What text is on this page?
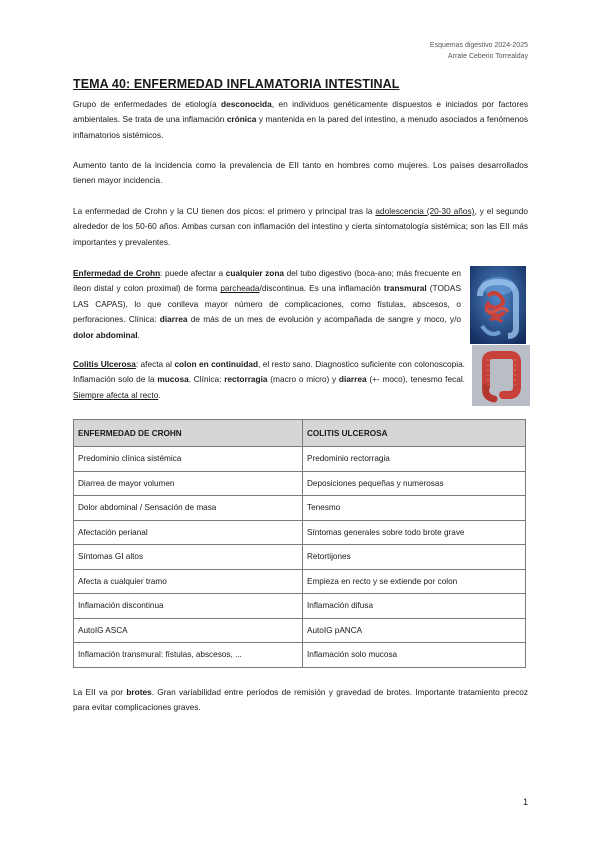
Esquemas digestivo 2024-2025
Arrate Ceberio Torrealday
TEMA 40: ENFERMEDAD INFLAMATORIA INTESTINAL

Grupo de enfermedades de etiología desconocida, en individuos genéticamente dispuestos e iniciados por factores ambientales. Se trata de una inflamación crónica y mantenida en la pared del intestino, a menudo asociados a fenómenos inflamatorios sistémicos.

Aumento tanto de la incidencia como la prevalencia de EII tanto en hombres como mujeres. Los países desarrollados tienen mayor incidencia.

La enfermedad de Crohn y la CU tienen dos picos: el primero y principal tras la adolescencia (20-30 años), y el segundo alrededor de los 50-60 años. Ambas cursan con inflamación del intestino y cierta sintomatología sistémica; son las EII más importantes y prevalentes.

Enfermedad de Crohn: puede afectar a cualquier zona del tubo digestivo (boca-ano; más frecuente en íleon distal y colon proximal) de forma parcheada/discontinua. Es una inflamación transmural (TODAS LAS CAPAS), lo que conlleva mayor número de complicaciones, como fístulas, abscesos, o perforaciones. Clínica: diarrea de más de un mes de evolución y acompañada de sangre y moco, y/o dolor abdominal.

Colitis Ulcerosa: afecta al colon en continuidad, el resto sano. Diagnostico suficiente con colonoscopia. Inflamación solo de la mucosa. Clínica: rectorragia (macro o micro) y diarrea (+- moco), tenesmo fecal. Siempre afecta al recto.

ENFERMEDAD DE CROHN	COLITIS ULCEROSA
Predominio clínica sistémica	Predominio rectorragia
Diarrea de mayor volumen	Deposiciones pequeñas y numerosas
Dolor abdominal / Sensación de masa	Tenesmo
Afectación perianal	Síntomas generales sobre todo brote grave
Síntomas GI altos	Retortijones
Afecta a cualquier tramo	Empieza en recto y se extiende por colon
Inflamación discontinua	Inflamación difusa
AutoIG ASCA	AutoIG pANCA
Inflamación transmural: fístulas, abscesos, ...	Inflamación solo mucosa

La EII va por brotes. Gran variabilidad entre periodos de remisión y gravedad de brotes. Importante tratamiento precoz para evitar complicaciones graves.

1
